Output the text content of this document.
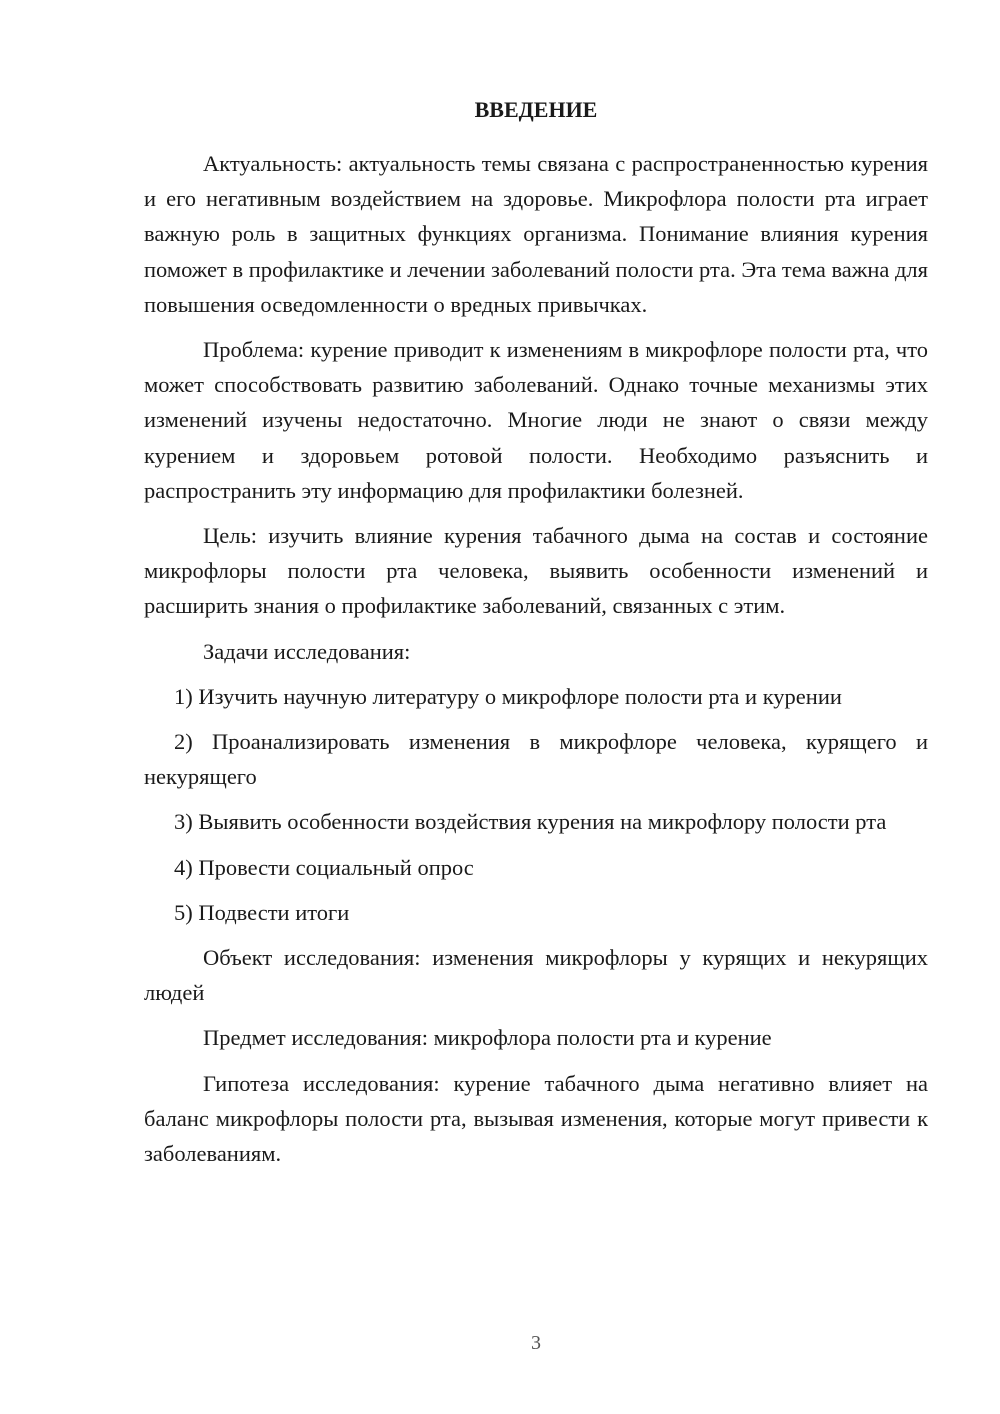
ВВЕДЕНИЕ

Актуальность: актуальность темы связана с распространенностью курения и его негативным воздействием на здоровье. Микрофлора полости рта играет важную роль в защитных функциях организма. Понимание влияния курения поможет в профилактике и лечении заболеваний полости рта. Эта тема важна для повышения осведомленности о вредных привычках.

Проблема: курение приводит к изменениям в микрофлоре полости рта, что может способствовать развитию заболеваний. Однако точные механизмы этих изменений изучены недостаточно. Многие люди не знают о связи между курением и здоровьем ротовой полости. Необходимо разъяснить и распространить эту информацию для профилактики болезней.

Цель: изучить влияние курения табачного дыма на состав и состояние микрофлоры полости рта человека, выявить особенности изменений и расширить знания о профилактике заболеваний, связанных с этим.

Задачи исследования:

1) Изучить научную литературу о микрофлоре полости рта и курении

2) Проанализировать изменения в микрофлоре человека, курящего и некурящего

3) Выявить особенности воздействия курения на микрофлору полости рта

4) Провести социальный опрос

5) Подвести итоги

Объект исследования: изменения микрофлоры у курящих и некурящих людей

Предмет исследования: микрофлора полости рта и курение

Гипотеза исследования: курение табачного дыма негативно влияет на баланс микрофлоры полости рта, вызывая изменения, которые могут привести к заболеваниям.

3
